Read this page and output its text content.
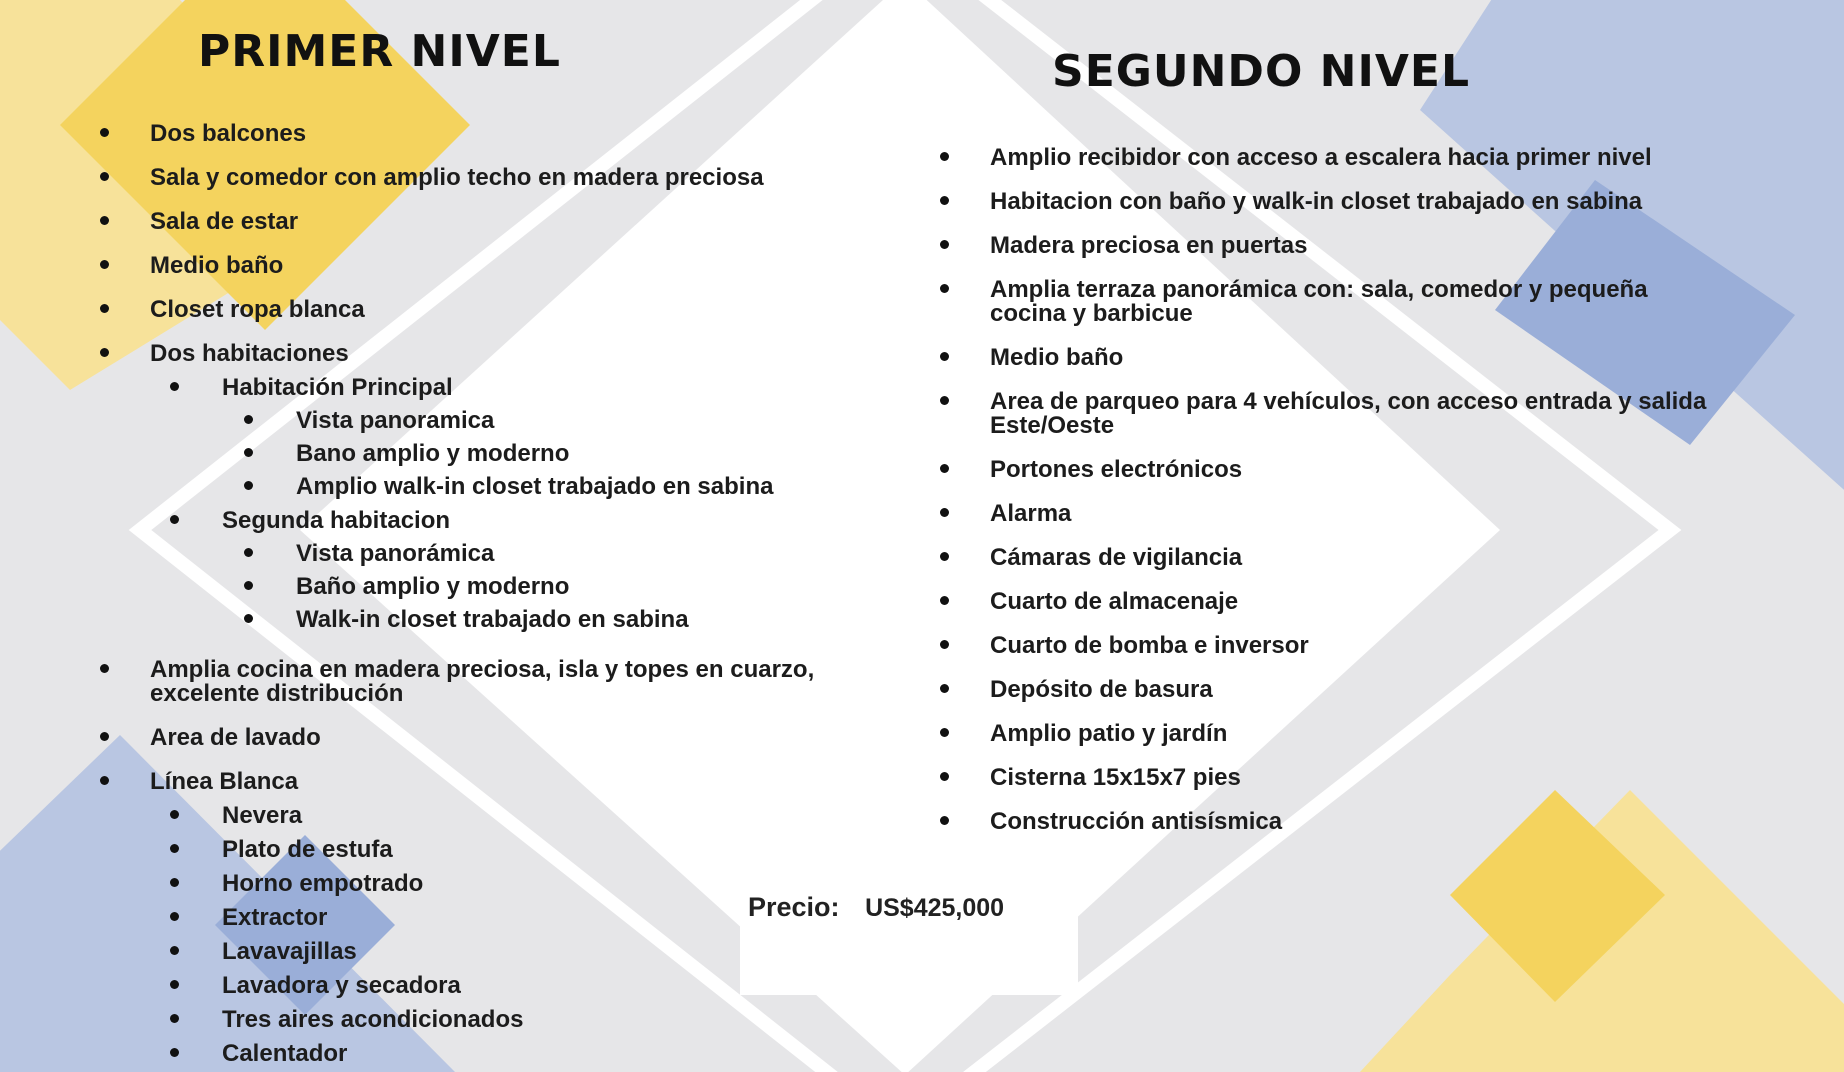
PRIMER NIVEL	SEGUNDO NIVEL
Dos balcones
Sala y comedor con amplio techo en madera preciosa
Sala de estar
Medio baño
Closet ropa blanca
Dos habitaciones
Habitación Principal
Vista panoramica
Bano amplio y moderno
Amplio walk-in closet trabajado en sabina
Segunda habitacion
Vista panorámica
Baño amplio y moderno
Walk-in closet trabajado en sabina
Amplia cocina en madera preciosa, isla y topes en cuarzo, excelente distribución
Area de lavado
Línea Blanca
Nevera
Plato de estufa
Horno empotrado
Extractor
Lavavajillas
Lavadora y secadora
Tres aires acondicionados
Calentador
Amplio recibidor con acceso a escalera hacia primer nivel
Habitacion con baño y walk-in closet trabajado en sabina
Madera preciosa en puertas
Amplia terraza panorámica con: sala, comedor y pequeña cocina y barbicue
Medio baño
Area de parqueo para 4 vehículos, con acceso entrada y salida Este/Oeste
Portones electrónicos
Alarma
Cámaras de vigilancia
Cuarto de almacenaje
Cuarto de bomba e inversor
Depósito de basura
Amplio patio y jardín
Cisterna 15x15x7 pies
Construcción antisísmica
Precio: US$425,000
